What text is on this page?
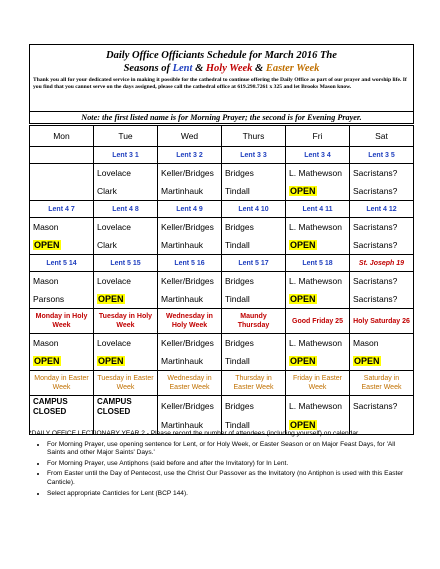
Daily Office Officiants Schedule for March 2016 The
Seasons of Lent & Holy Week & Easter Week
Thank you all for your dedicated service in making it possible for the cathedral to continue offering the Daily Office as part of our prayer and worship life. If you find that you cannot serve on the days assigned, please call the cathedral office at 619.298.7261 x 325 and let Brooks Mason know.
Note: the first listed name is for Morning Prayer; the second is for Evening Prayer.
Mon	Tue	Wed	Thurs	Fri	Sat
	Lent 3 1	Lent 3 2	Lent 3 3	Lent 3 4	Lent 3 5
	Lovelace	Keller/Bridges	Bridges	L. Mathewson	Sacristans?
	Clark	Martinhauk	Tindall	OPEN	Sacristans?
Lent 4 7	Lent 4 8	Lent 4 9	Lent 4 10	Lent 4 11	Lent 4 12
Mason	Lovelace	Keller/Bridges	Bridges	L. Mathewson	Sacristans?
OPEN	Clark	Martinhauk	Tindall	OPEN	Sacristans?
Lent 5 14	Lent 5 15	Lent 5 16	Lent 5 17	Lent 5 18	St. Joseph 19
Mason	Lovelace	Keller/Bridges	Bridges	L. Mathewson	Sacristans?
Parsons	OPEN	Martinhauk	Tindall	OPEN	Sacristans?
Monday in Holy Week	Tuesday in Holy Week	Wednesday in Holy Week	Maundy Thursday	Good Friday 25	Holy Saturday 26
Mason	Lovelace	Keller/Bridges	Bridges	L. Mathewson	Mason
OPEN	OPEN	Martinhauk	Tindall	OPEN	OPEN
Monday in Easter Week	Tuesday in Easter Week	Wednesday in Easter Week	Thursday in Easter Week	Friday in Easter Week	Saturday in Easter Week
CAMPUS CLOSED	CAMPUS CLOSED	Keller/Bridges	Bridges	L. Mathewson	Sacristans?
		Martinhauk	Tindall	OPEN	
*DAILY OFFICE LECTIONARY YEAR 2 - Please record the number of attendees (including yourself) on calendar.
• For Morning Prayer, use opening sentence for Lent, or for Holy Week, or Easter Season or on Major Feast Days, for 'All Saints and other Major Saints' Days.'
• For Morning Prayer, use Antiphons (said before and after the Invitatory) for In Lent.
• From Easter until the Day of Pentecost, use the Christ Our Passover as the Invitatory (no Antiphon is used with this Easter Canticle).
• Select appropriate Canticles for Lent (BCP 144).
